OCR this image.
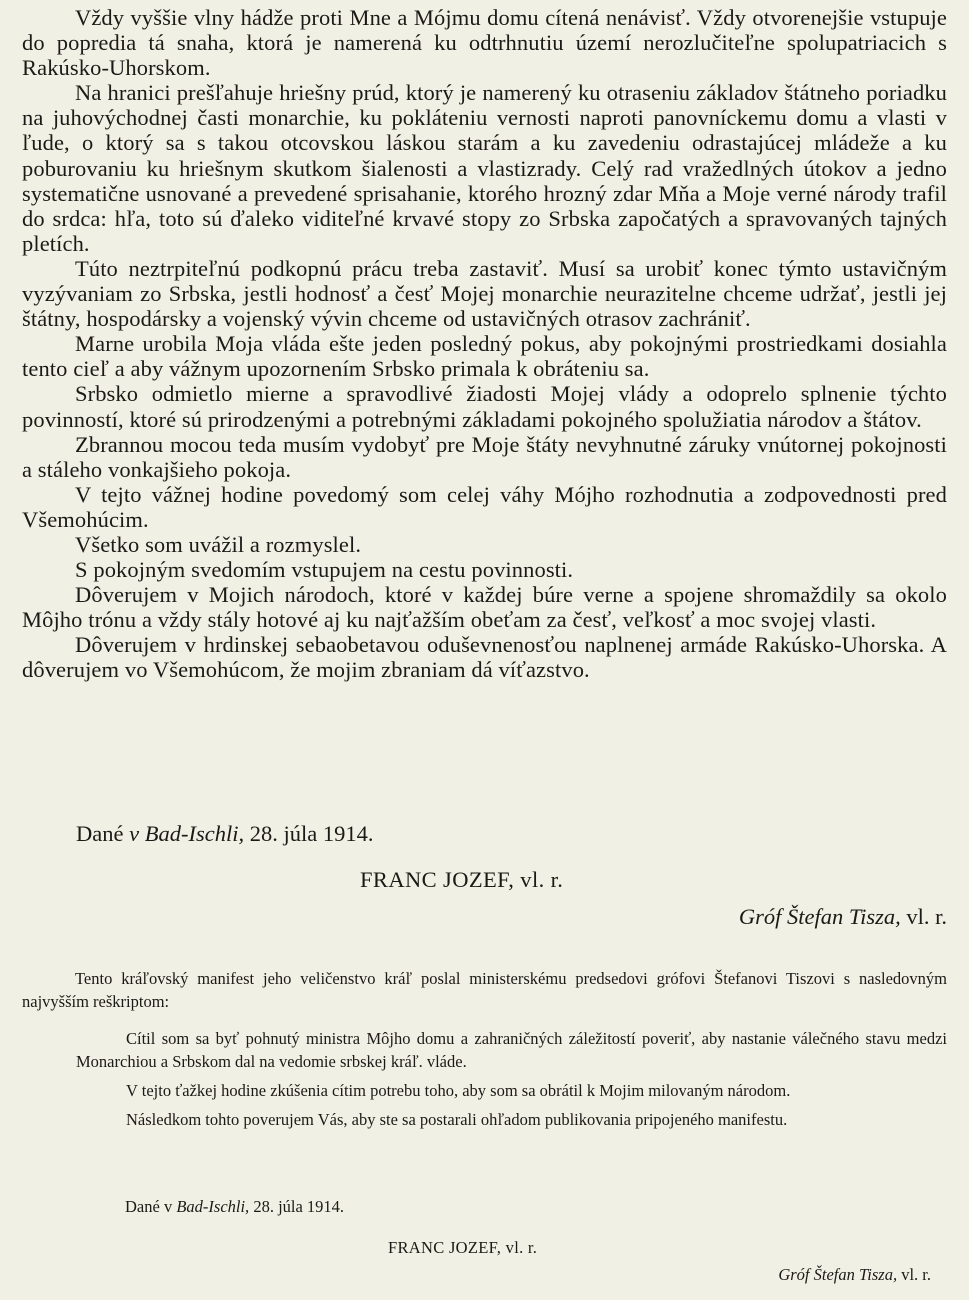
Vždy vyššie vlny hádže proti Mne a Mójmu domu cítená nenávisť. Vždy otvorenejšie vstupuje do popredia tá snaha, ktorá je namerená ku odtrhnutiu území nerozlučiteľne spolupatriacich s Rakúsko-Uhorskom.

Na hranici prešľahuje hriešny prúd, ktorý je namerený ku otraseniu základov štátneho poriadku na juhovýchodnej časti monarchie, ku pokláteniu vernosti naproti panovníckemu domu a vlasti v ľude, o ktorý sa s takou otcovskou láskou starám a ku zavedeniu odrastajúcej mládeže a ku poburovaniu ku hriešnym skutkom šialenosti a vlastizrady. Celý rad vražedlných útokov a jedno systematične usnované a prevedené sprisahanie, ktorého hrozný zdar Mňa a Moje verné národy trafil do srdca: hľa, toto sú ďaleko viditeľné krvavé stopy zo Srbska započatých a spravovaných tajných pletích.

Túto neztrpiteľnú podkopnú prácu treba zastaviť. Musí sa urobiť konec týmto ustavičným vyzývaniam zo Srbska, jestli hodnosť a česť Mojej monarchie neurazitelne chceme udržať, jestli jej štátny, hospodársky a vojenský vývin chceme od ustavičných otrasov zachrániť.

Marne urobila Moja vláda ešte jeden posledný pokus, aby pokojnými prostriedkami dosiahla tento cieľ a aby vážnym upozornením Srbsko primala k obráteniu sa.

Srbsko odmietlo mierne a spravodlivé žiadosti Mojej vlády a odoprelo splnenie týchto povinností, ktoré sú prirodzenými a potrebnými základami pokojného spolužiatia národov a štátov.

Zbrannou mocou teda musím vydobyť pre Moje štáty nevyhnutné záruky vnútornej pokojnosti a stáleho vonkajšieho pokoja.

V tejto vážnej hodine povedomý som celej váhy Mójho rozhodnutia a zodpovednosti pred Všemohúcim.

Všetko som uvážil a rozmyslel.

S pokojným svedomím vstupujem na cestu povinnosti.

Dôverujem v Mojich národoch, ktoré v každej búre verne a spojene shromaždily sa okolo Môjho trónu a vždy stály hotové aj ku najťažším obeťam za česť, veľkosť a moc svojej vlasti.

Dôverujem v hrdinskej sebaobetavou oduševnenosťou naplnenej armáde Rakúsko-Uhorska. A dôverujem vo Všemohúcom, že mojim zbraniam dá víťazstvo.

Dané v Bad-Ischli, 28. júla 1914.
FRANC JOZEF, vl. r.
Gróf Štefan Tisza, vl. r.

Tento kráľovský manifest jeho veličenstvo kráľ poslal ministerskému predsedovi grófovi Štefanovi Tiszovi s nasledovným najvyšším reškriptom:

Cítil som sa byť pohnutý ministra Môjho domu a zahraničných záležitostí poveriť, aby nastanie válečného stavu medzi Monarchiou a Srbskom dal na vedomie srbskej kráľ. vláde.

V tejto ťažkej hodine zkúšenia cítim potrebu toho, aby som sa obrátil k Mojim milovaným národom.

Následkom tohto poverujem Vás, aby ste sa postarali ohľadom publikovania pripojeného manifestu.

Dané v Bad-Ischli, 28. júla 1914.
FRANC JOZEF, vl. r.
Gróf Štefan Tisza, vl. r.
